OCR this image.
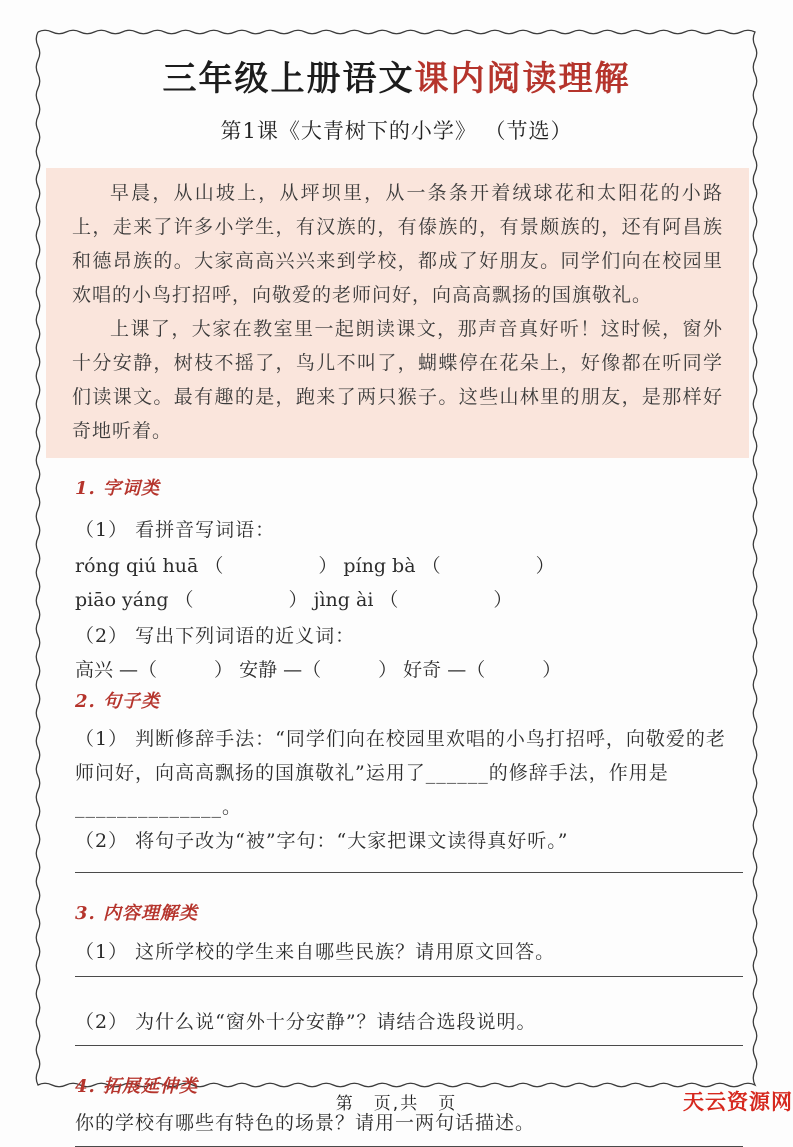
三年级上册语文课内阅读理解
第1课《大青树下的小学》 （节选）

早晨，从山坡上，从坪坝里，从一条条开着绒球花和太阳花的小路上，走来了许多小学生，有汉族的，有傣族的，有景颇族的，还有阿昌族和德昂族的。大家高高兴兴来到学校，都成了好朋友。同学们向在校园里欢唱的小鸟打招呼，向敬爱的老师问好，向高高飘扬的国旗敬礼。

上课了，大家在教室里一起朗读课文，那声音真好听！这时候，窗外十分安静，树枝不摇了，鸟儿不叫了，蝴蝶停在花朵上，好像都在听同学们读课文。最有趣的是，跑来了两只猴子。这些山林里的朋友，是那样好奇地听着。

1. 字词类
（1） 看拼音写词语：
róng qiú huā （　　　　　） píng bà （　　　　　）
piāo yáng （　　　　　） jìng ài （　　　　　）
（2） 写出下列词语的近义词：
高兴 —（　　　） 安静 —（　　　） 好奇 —（　　　）
2. 句子类
（1） 判断修辞手法：“同学们向在校园里欢唱的小鸟打招呼，向敬爱的老师问好，向高高飘扬的国旗敬礼”运用了______的修辞手法，作用是______________。
（2） 将句子改为“被”字句：“大家把课文读得真好听。”
3. 内容理解类
（1） 这所学校的学生来自哪些民族？请用原文回答。
（2） 为什么说“窗外十分安静”？请结合选段说明。
4. 拓展延伸类
你的学校有哪些有特色的场景？请用一两句话描述。
第　页,共　页	天云资源网
